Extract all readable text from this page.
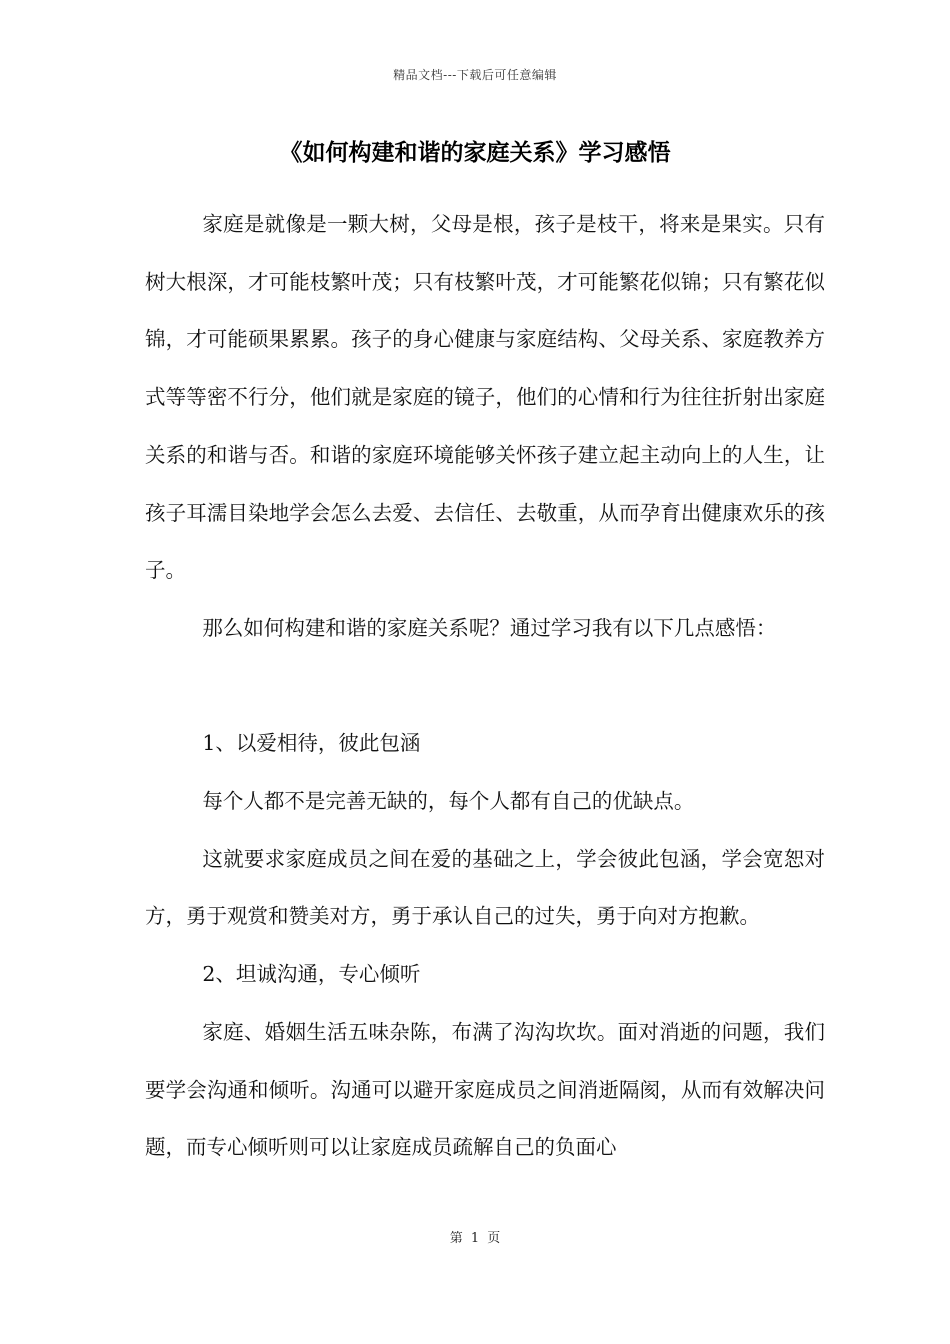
精品文档---下载后可任意编辑
《如何构建和谐的家庭关系》学习感悟

家庭是就像是一颗大树，父母是根，孩子是枝干，将来是果实。只有树大根深，才可能枝繁叶茂；只有枝繁叶茂，才可能繁花似锦；只有繁花似锦，才可能硕果累累。孩子的身心健康与家庭结构、父母关系、家庭教养方式等等密不行分，他们就是家庭的镜子，他们的心情和行为往往折射出家庭关系的和谐与否。和谐的家庭环境能够关怀孩子建立起主动向上的人生，让孩子耳濡目染地学会怎么去爱、去信任、去敬重，从而孕育出健康欢乐的孩子。

那么如何构建和谐的家庭关系呢？通过学习我有以下几点感悟：

1、以爱相待，彼此包涵

每个人都不是完善无缺的，每个人都有自己的优缺点。

这就要求家庭成员之间在爱的基础之上，学会彼此包涵，学会宽恕对方，勇于观赏和赞美对方，勇于承认自己的过失，勇于向对方抱歉。

2、坦诚沟通，专心倾听

家庭、婚姻生活五味杂陈，布满了沟沟坎坎。面对消逝的问题，我们要学会沟通和倾听。沟通可以避开家庭成员之间消逝隔阂，从而有效解决问题，而专心倾听则可以让家庭成员疏解自己的负面心

第 1 页
